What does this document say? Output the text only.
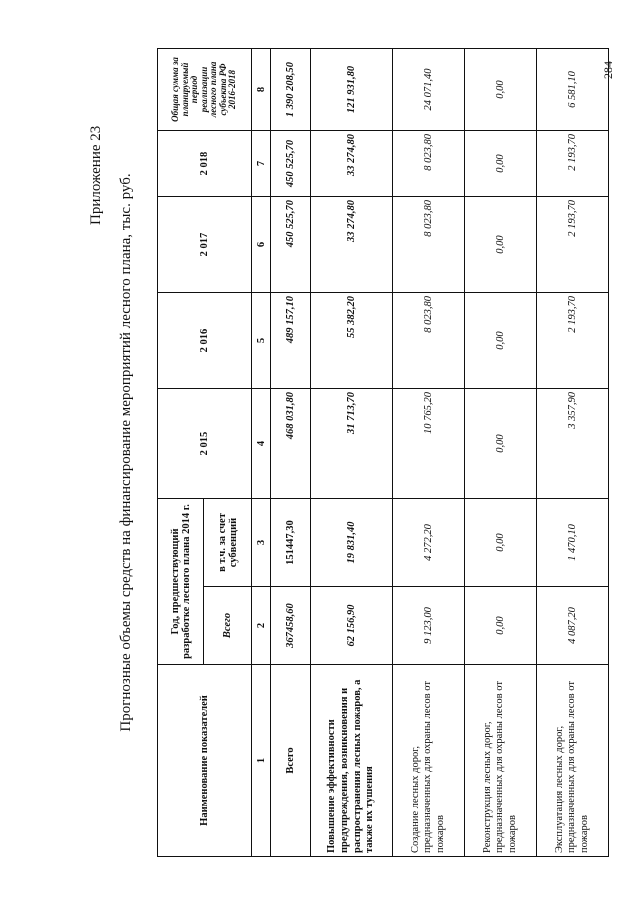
Приложение 23 Прогнозные объемы средств на финансирование мероприятий лесного плана, тыс. руб.
Наименование показателей	Год, предшествующий разработке лесного плана 2014 г.		2 015	2 016	2 017	2 018	Общая сумма за планируемый период реализации лесного плана субъекта РФ 2016-2018
	Всего	в т.ч. за счет субвенций					
1	2	3	4	5	6	7	8
Всего	367458,60	151447,30	468 031,80	489 157,10	450 525,70	450 525,70	1 390 208,50
Повышение эффективности предупреждения, возникновения и распространения лесных пожаров, а также их тушения	62 156,90	19 831,40	31 713,70	55 382,20	33 274,80	33 274,80	121 931,80
Создание лесных дорог, предназначенных для охраны лесов от пожаров	9 123,00	4 272,20	10 765,20	8 023,80	8 023,80	8 023,80	24 071,40
Реконструкция лесных дорог, предназначенных для охраны лесов от пожаров	0,00	0,00	0,00	0,00	0,00	0,00	0,00
Эксплуатация лесных дорог, предназначенных для охраны лесов от пожаров	4 087,20	1 470,10	3 357,90	2 193,70	2 193,70	2 193,70	6 581,10
284
